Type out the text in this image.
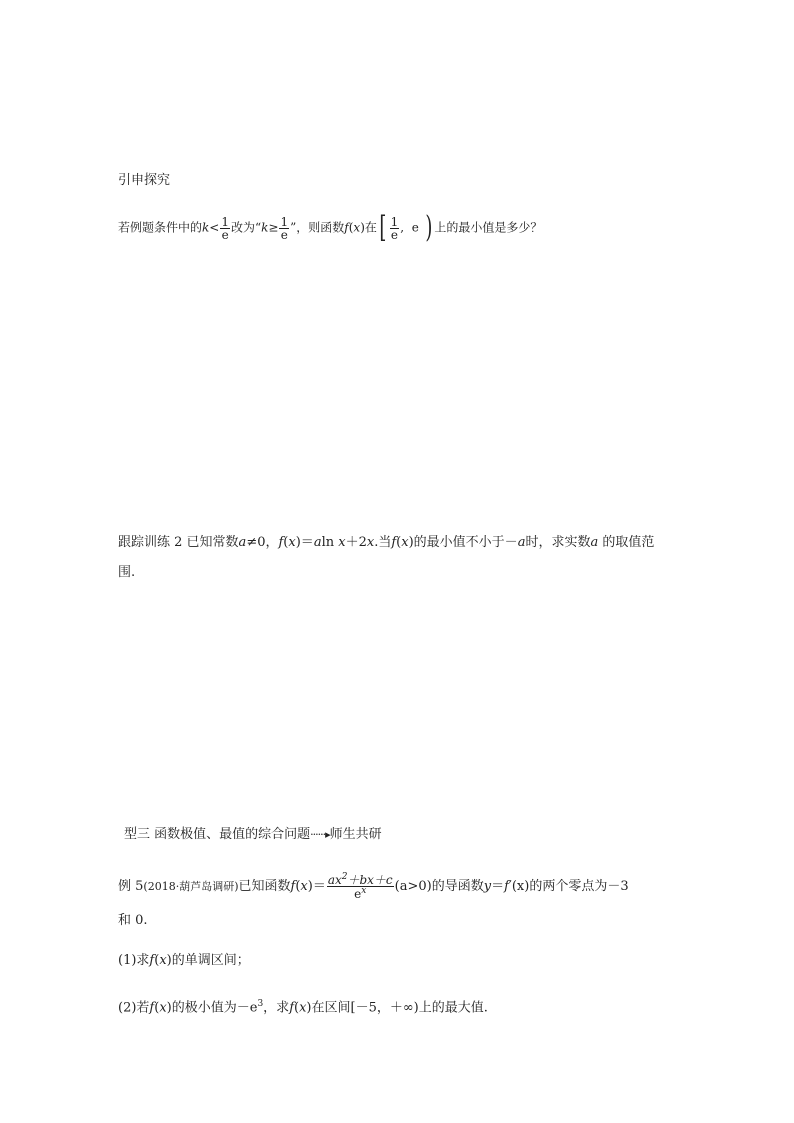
引申探究
若例题条件中的$k< \frac{1}{e}$ 改为“$k\ge \frac{1}{e}$ ”，则函数f(x)在[ $\frac{1}{e}$ ,  e ) 上的最小值是多少？
跟踪训练 2 已知常数a≠0，f(x)＝aln x＋2x.当f(x)的最小值不小于－a时，求实数a 的取值范
围.
型三 函数极值、最值的综合问题······▸师生共研
例 5(2018·葫芦岛调研)已知函数$f(x)= \frac{ax^2+bx+c}{e^x} (a>0)$的导函数y＝f′(x)的两个零点为－3
和 0.
(1)求f(x)的单调区间；
(2)若f(x)的极小值为$-e^3$，求f(x)在区间[－5，＋∞)上的最大值.
